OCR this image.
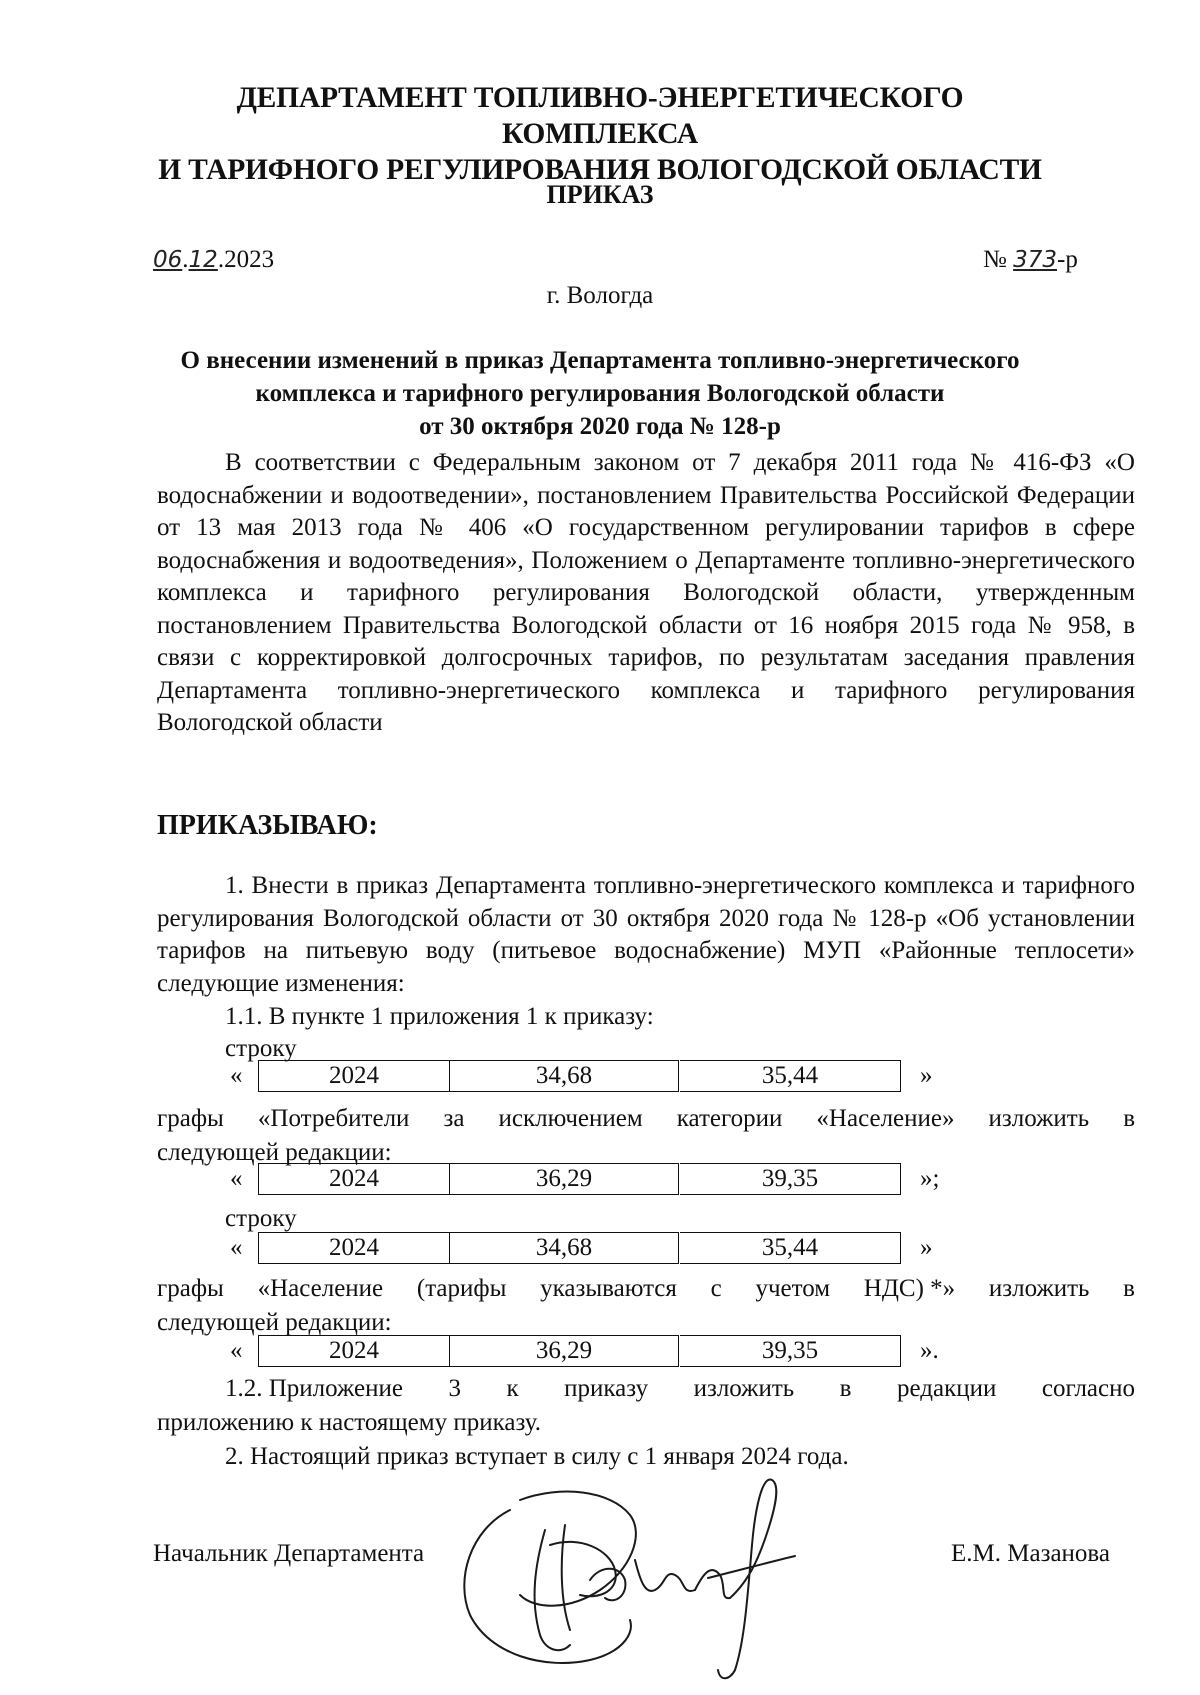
ДЕПАРТАМЕНТ ТОПЛИВНО-ЭНЕРГЕТИЧЕСКОГО КОМПЛЕКСА
И ТАРИФНОГО РЕГУЛИРОВАНИЯ ВОЛОГОДСКОЙ ОБЛАСТИ
ПРИКАЗ
06.12.2023	№ 373-р
г. Вологда
О внесении изменений в приказ Департамента топливно-энергетического
комплекса и тарифного регулирования Вологодской области
от 30 октября 2020 года № 128-р
В соответствии с Федеральным законом от 7 декабря 2011 года № 416-ФЗ «О водоснабжении и водоотведении», постановлением Правительства Российской Федерации от 13 мая 2013 года № 406 «О государственном регулировании тарифов в сфере водоснабжения и водоотведения», Положением о Департаменте топливно-энергетического комплекса и тарифного регулирования Вологодской области, утвержденным постановлением Правительства Вологодской области от 16 ноября 2015 года № 958, в связи с корректировкой долгосрочных тарифов, по результатам заседания правления Департамента топливно-энергетического комплекса и тарифного регулирования Вологодской области
ПРИКАЗЫВАЮ:
1. Внести в приказ Департамента топливно-энергетического комплекса и тарифного регулирования Вологодской области от 30 октября 2020 года № 128-р «Об установлении тарифов на питьевую воду (питьевое водоснабжение) МУП «Районные теплосети» следующие изменения:
1.1. В пункте 1 приложения 1 к приказу:
строку
«	2024	34,68	35,44	»
графы «Потребители за исключением категории «Население» изложить в
следующей редакции:
«	2024	36,29	39,35	»;
строку
«	2024	34,68	35,44	»
графы «Население (тарифы указываются с учетом НДС) *» изложить в
следующей редакции:
«	2024	36,29	39,35	».
1.2. Приложение 3 к приказу изложить в редакции согласно
приложению к настоящему приказу.
2. Настоящий приказ вступает в силу с 1 января 2024 года.
Начальник Департамента	Е.М. Мазанова
